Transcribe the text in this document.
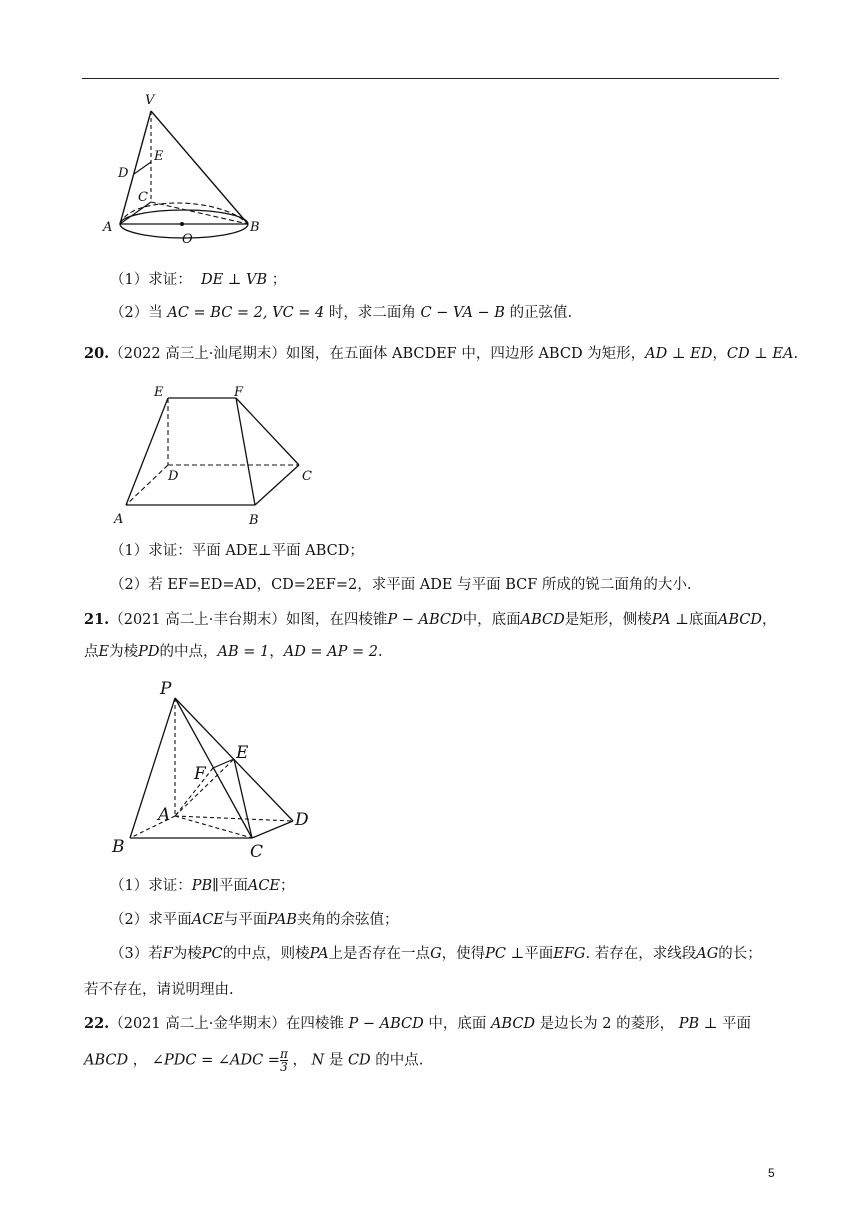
V
E
D
C
A
O
B
（1）求证： DE ⊥ VB ；
（2）当 AC = BC = 2, VC = 4 时，求二面角 C − VA − B 的正弦值.
20.（2022 高三上·汕尾期末）如图，在五面体 ABCDEF 中，四边形 ABCD 为矩形，AD ⊥ ED，CD ⊥ EA.
E	F
D	C
A	B
（1）求证：平面 ADE⊥平面 ABCD；
（2）若 EF=ED=AD，CD=2EF=2，求平面 ADE 与平面 BCF 所成的锐二面角的大小.
21.（2021 高二上·丰台期末）如图，在四棱锥P − ABCD中，底面ABCD是矩形，侧棱PA ⊥底面ABCD，
点E为棱PD的中点，AB = 1，AD = AP = 2.
P
E
F
A	D
B	C
（1）求证：PB∥平面ACE；
（2）求平面ACE与平面PAB夹角的余弦值；
（3）若F为棱PC的中点，则棱PA上是否存在一点G，使得PC ⊥平面EFG. 若存在，求线段AG的长；
若不存在，请说明理由.
22.（2021 高二上·金华期末）在四棱锥 P − ABCD 中，底面 ABCD 是边长为 2 的菱形， PB ⊥ 平面
ABCD ， ∠PDC = ∠ADC = $\frac{\pi}{3}$ ， N 是 CD 的中点.
5
